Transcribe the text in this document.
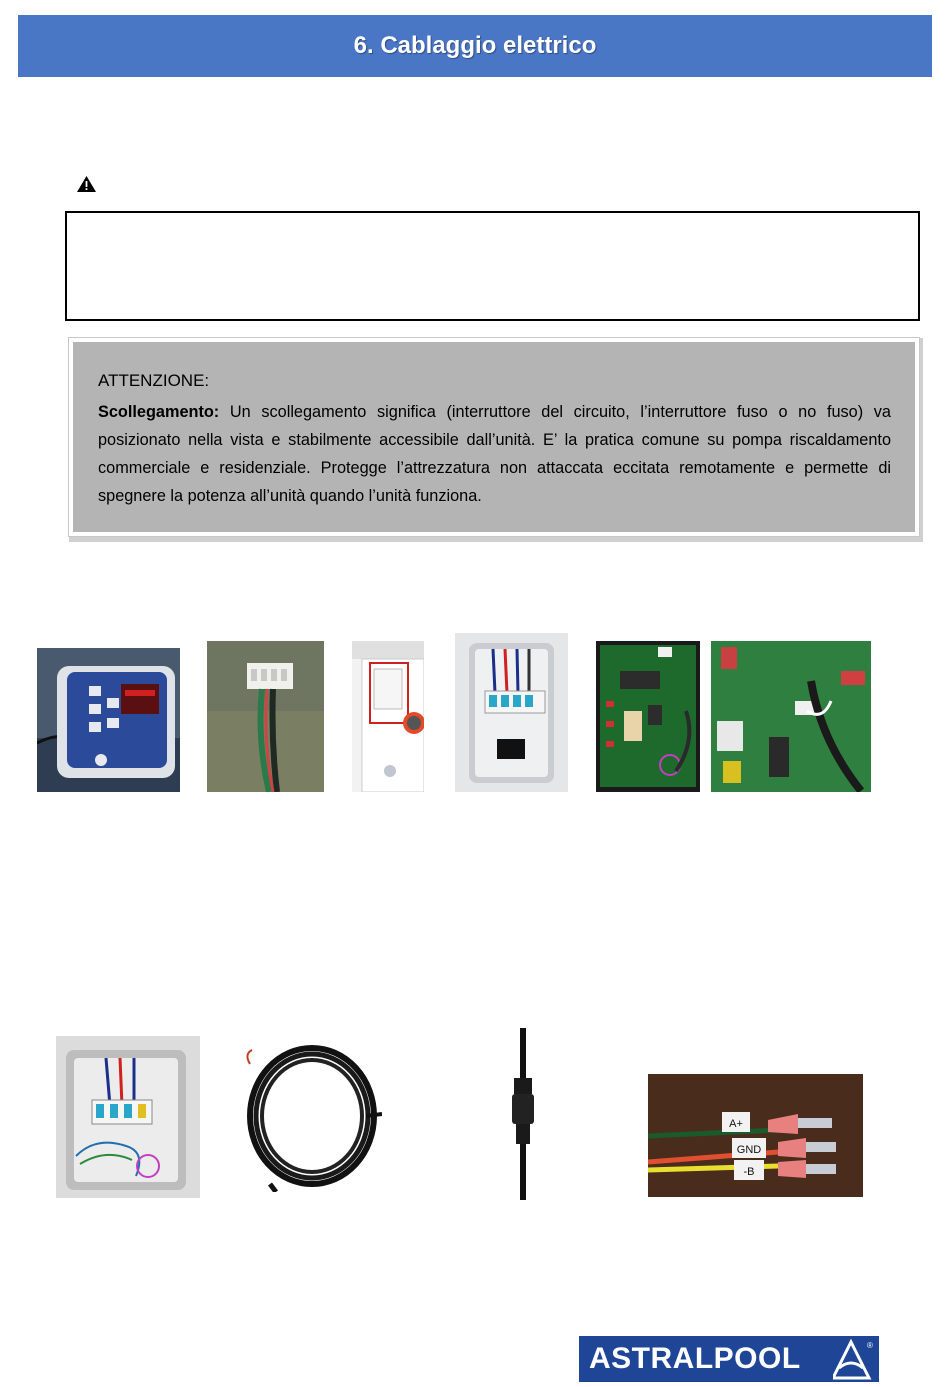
6. Cablaggio elettrico

ATTENZIONE:

Scollegamento: Un scollegamento significa (interruttore del circuito, l’interruttore fuso o no fuso) va posizionato nella vista e stabilmente accessibile dall’unità. E’ la pratica comune su pompa riscaldamento commerciale e residenziale. Protegge l’attrezzatura non attaccata eccitata remotamente e permette di spegnere la potenza all’unità quando l’unità funziona.

A+
GND
-B
ASTRALPOOL	®
